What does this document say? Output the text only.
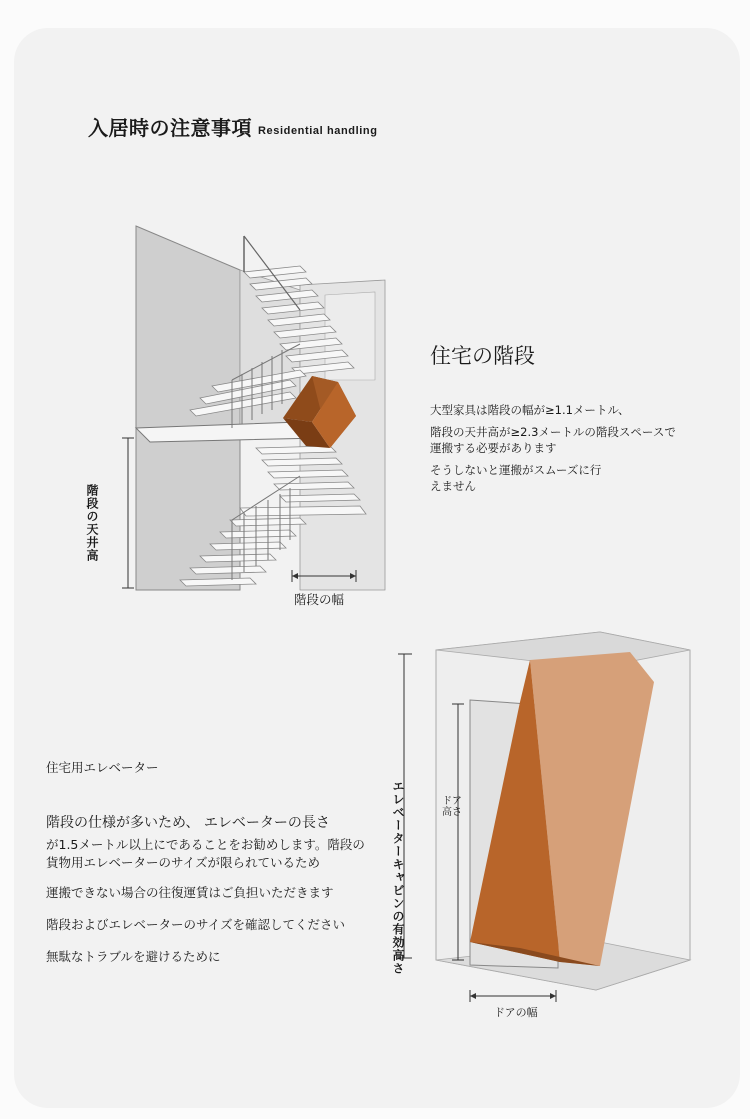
入居時の注意事項 Residential handling
階段の天井高
階段の幅
住宅の階段

大型家具は階段の幅が≥1.1メートル、

階段の天井高が≥2.3メートルの階段スペースで

運搬する必要があります

そうしないと運搬がスムーズに行

えません

エレベーターキャビンの有効高さ	ドア高さ
ドアの幅
住宅用エレベーター
階段の仕様が多いため、 エレベーターの長さ
が1.5メートル以上にであることをお勧めします。階段の
貨物用エレベーターのサイズが限られているため
運搬できない場合の往復運賃はご負担いただきます
階段およびエレベーターのサイズを確認してください
無駄なトラブルを避けるために
